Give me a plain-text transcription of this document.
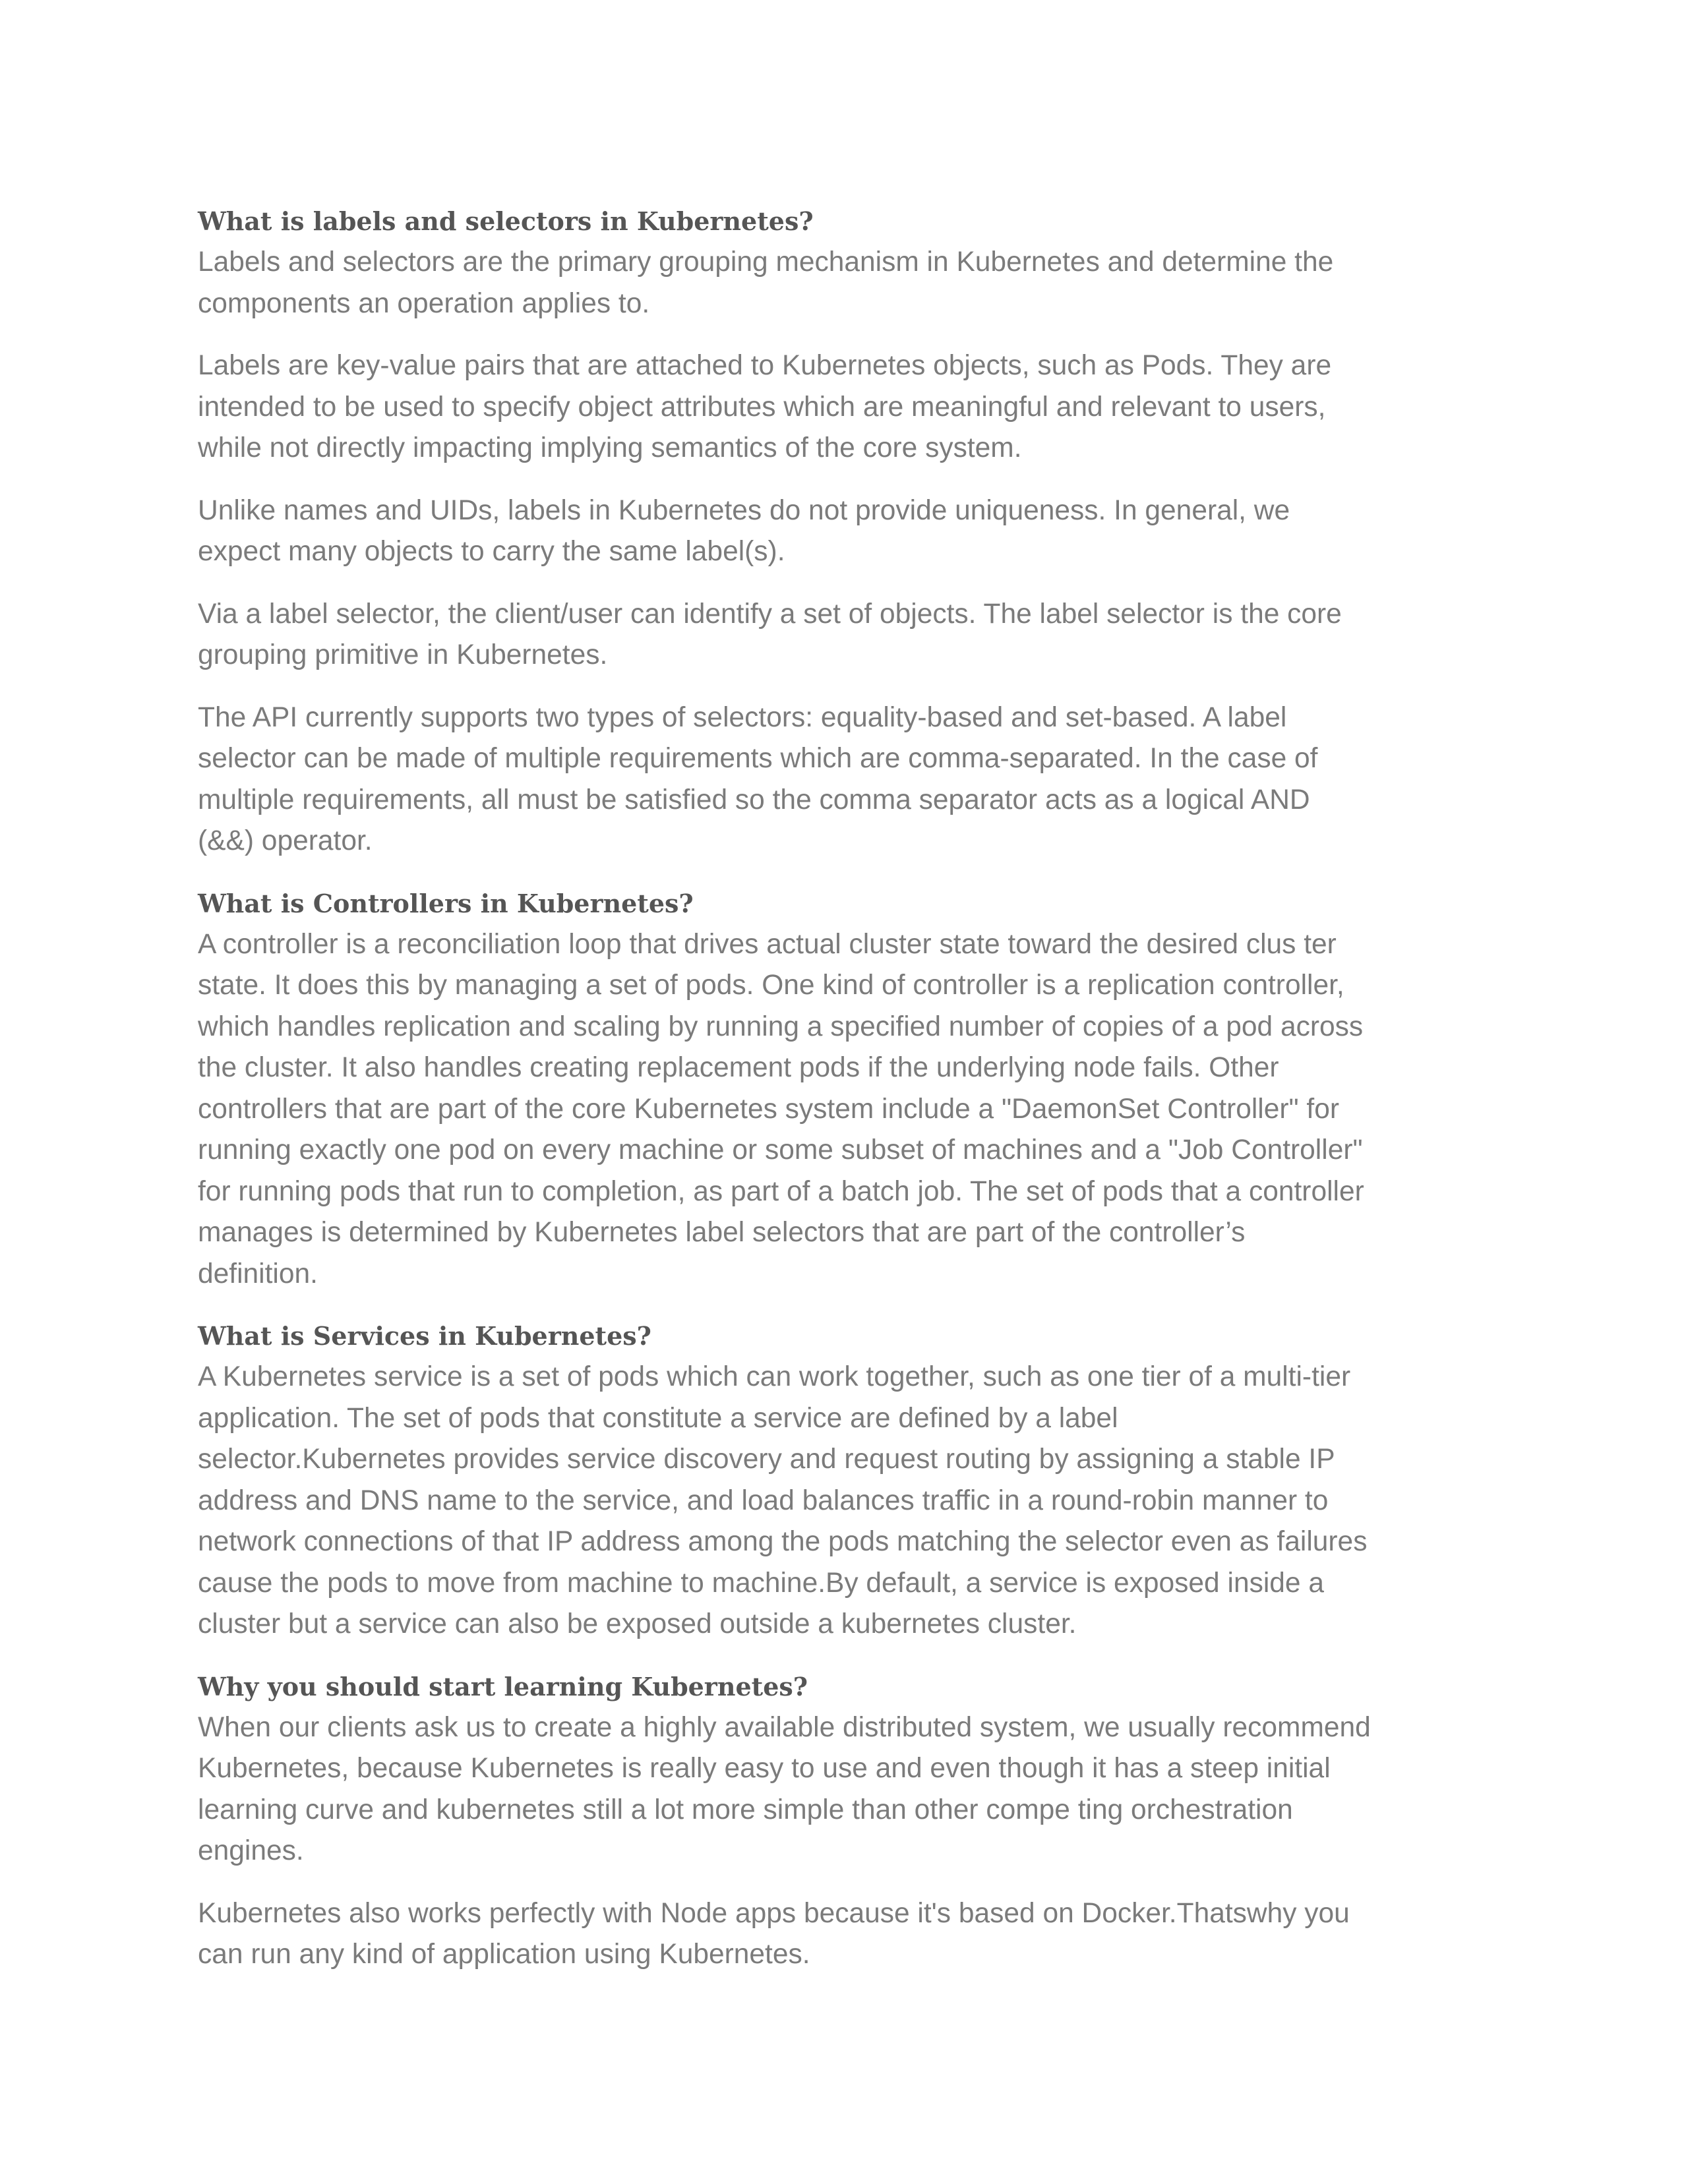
What is labels and selectors in Kubernetes?

Labels and selectors are the primary grouping mechanism in Kubernetes and determine the
components an operation applies to.

Labels are key-value pairs that are attached to Kubernetes objects, such as Pods. They are
intended to be used to specify object attributes which are meaningful and relevant to users,
while not directly impacting implying semantics of the core system.

Unlike names and UIDs, labels in Kubernetes do not provide uniqueness. In general, we
expect many objects to carry the same label(s).

Via a label selector, the client/user can identify a set of objects. The label selector is the core
grouping primitive in Kubernetes.

The API currently supports two types of selectors: equality-based and set-based. A label
selector can be made of multiple requirements which are comma-separated. In the case of
multiple requirements, all must be satisfied so the comma separator acts as a logical AND
(&&) operator.

What is Controllers in Kubernetes?

A controller is a reconciliation loop that drives actual cluster state toward the desired clus ter
state. It does this by managing a set of pods. One kind of controller is a replication controller,
which handles replication and scaling by running a specified number of copies of a pod across
the cluster. It also handles creating replacement pods if the underlying node fails. Other
controllers that are part of the core Kubernetes system include a "DaemonSet Controller" for
running exactly one pod on every machine or some subset of machines and a "Job Controller"
for running pods that run to completion, as part of a batch job. The set of pods that a controller
manages is determined by Kubernetes label selectors that are part of the controller’s
definition.

What is Services in Kubernetes?

A Kubernetes service is a set of pods which can work together, such as one tier of a multi-tier
application. The set of pods that constitute a service are defined by a label
selector.Kubernetes provides service discovery and request routing by assigning a stable IP
address and DNS name to the service, and load balances traffic in a round-robin manner to
network connections of that IP address among the pods matching the selector even as failures
cause the pods to move from machine to machine.By default, a service is exposed inside a
cluster but a service can also be exposed outside a kubernetes cluster.

Why you should start learning Kubernetes?

When our clients ask us to create a highly available distributed system, we usually recommend
Kubernetes, because Kubernetes is really easy to use and even though it has a steep initial
learning curve and kubernetes still a lot more simple than other compe ting orchestration
engines.

Kubernetes also works perfectly with Node apps because it's based on Docker.Thatswhy you
can run any kind of application using Kubernetes.
